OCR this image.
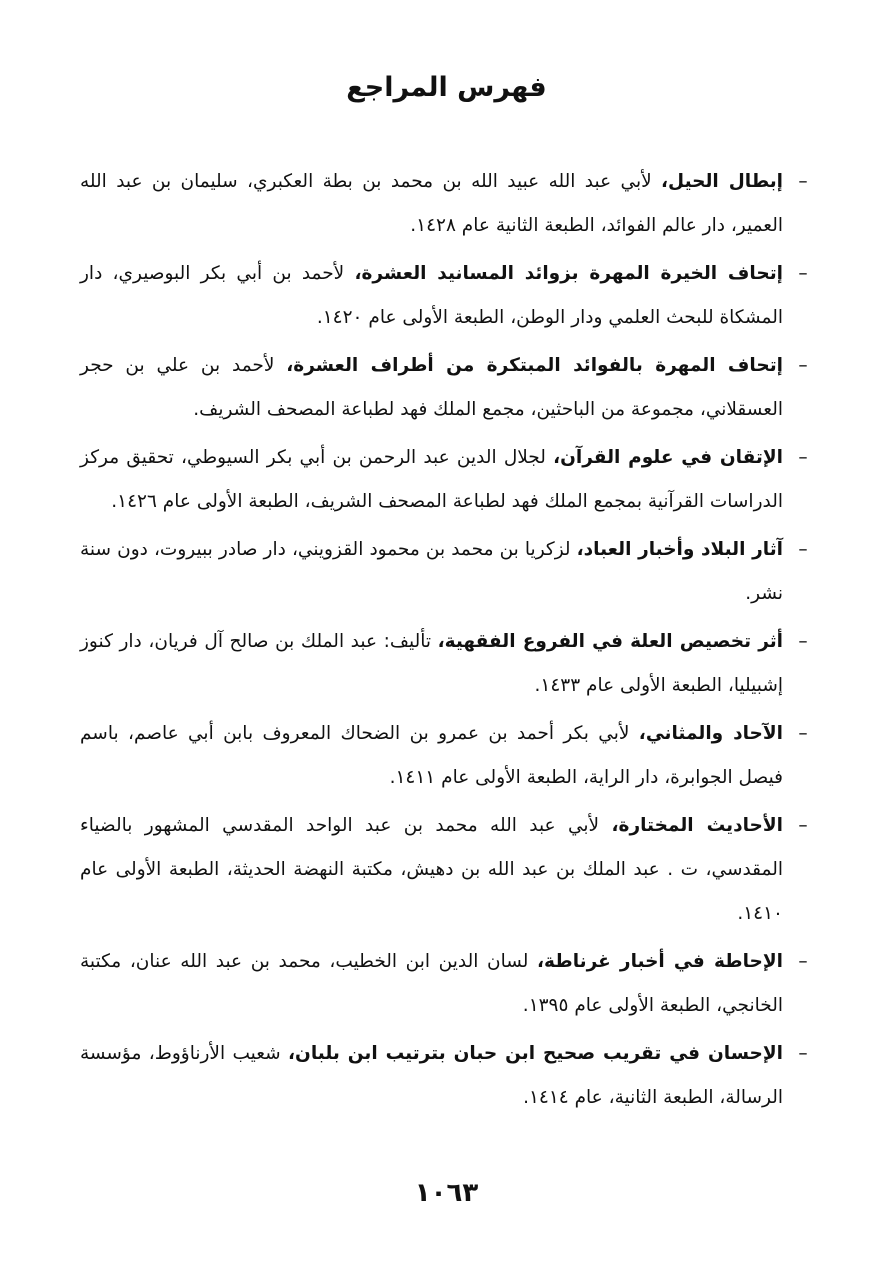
فهرس المراجع
–
إبطال الحيل، لأبي عبد الله عبيد الله بن محمد بن بطة العكبري، سليمان بن عبد الله العمير، دار عالم الفوائد، الطبعة الثانية عام ١٤٢٨.
–
إتحاف الخيرة المهرة بزوائد المسانيد العشرة، لأحمد بن أبي بكر البوصيري، دار المشكاة للبحث العلمي ودار الوطن، الطبعة الأولى عام ١٤٢٠.
–
إتحاف المهرة بالفوائد المبتكرة من أطراف العشرة، لأحمد بن علي بن حجر العسقلاني، مجموعة من الباحثين، مجمع الملك فهد لطباعة المصحف الشريف.
–
الإتقان في علوم القرآن، لجلال الدين عبد الرحمن بن أبي بكر السيوطي، تحقيق مركز الدراسات القرآنية بمجمع الملك فهد لطباعة المصحف الشريف، الطبعة الأولى عام ١٤٢٦.
–
آثار البلاد وأخبار العباد، لزكريا بن محمد بن محمود القزويني، دار صادر ببيروت، دون سنة نشر.
–
أثر تخصيص العلة في الفروع الفقهية، تأليف: عبد الملك بن صالح آل فريان، دار كنوز إشبيليا، الطبعة الأولى عام ١٤٣٣.
–
الآحاد والمثاني، لأبي بكر أحمد بن عمرو بن الضحاك المعروف بابن أبي عاصم، باسم فيصل الجوابرة، دار الراية، الطبعة الأولى عام ١٤١١.
–
الأحاديث المختارة، لأبي عبد الله محمد بن عبد الواحد المقدسي المشهور بالضياء المقدسي، ت . عبد الملك بن عبد الله بن دهيش، مكتبة النهضة الحديثة، الطبعة الأولى عام ١٤١٠.
–
الإحاطة في أخبار غرناطة، لسان الدين ابن الخطيب، محمد بن عبد الله عنان، مكتبة الخانجي، الطبعة الأولى عام ١٣٩٥.
–
الإحسان في تقريب صحيح ابن حبان بترتيب ابن بلبان، شعيب الأرناؤوط، مؤسسة الرسالة، الطبعة الثانية، عام ١٤١٤.
١٠٦٣
